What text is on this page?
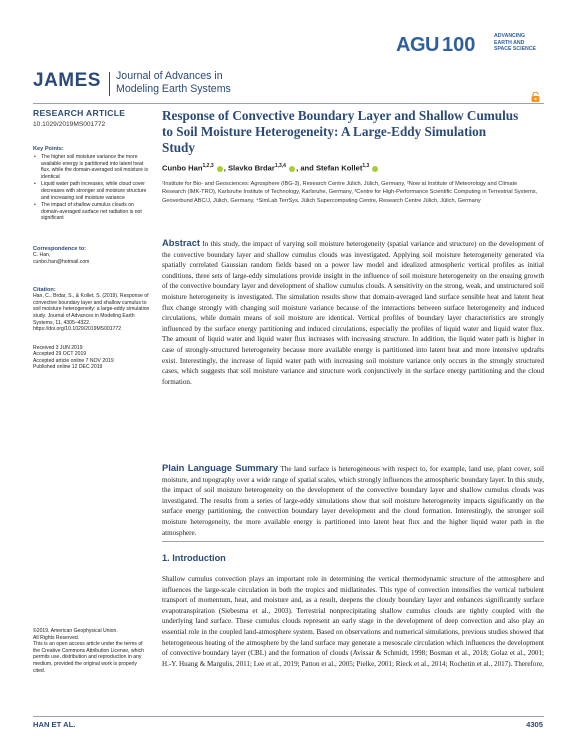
AGU 100	ADVANCING
EARTH AND
SPACE SCIENCE
JAMES Journal of Advances in
Modeling Earth Systems
RESEARCH ARTICLE
10.1029/2019MS001772
Key Points:
• The higher soil moisture variance the more available energy is partitioned into latent heat flux, while the domain-averaged soil moisture is identical
• Liquid water path increases, while cloud cover decreases with stronger soil moisture structure and increasing soil moisture variance
• The impact of shallow cumulus clouds on domain-averaged surface net radiation is not significant
Correspondence to:
C. Han,
cunbo.han@hotmail.com
Citation:
Han, C., Brdar, S., & Kollet, S. (2019). Response of convective boundary layer and shallow cumulus to soil moisture heterogeneity: a large-eddy simulation study. Journal of Advances in Modeling Earth Systems, 11, 4305–4322. https://doi.org/10.1029/2019MS001772
Received 3 JUN 2019
Accepted 29 OCT 2019
Accepted article online 7 NOV 2019
Published online 12 DEC 2019
©2019. American Geophysical Union.
All Rights Reserved.
This is an open access article under the terms of the Creative Commons Attribution License, which permits use, distribution and reproduction in any medium, provided the original work is properly cited.
Response of Convective Boundary Layer and Shallow Cumulus to Soil Moisture Heterogeneity: A Large-Eddy Simulation Study
Cunbo Han$^{1,2,3}$ , Slavko Brdar$^{1,3,4}$ , and Stefan Kollet$^{1,3}$
¹Institute for Bio- and Geosciences: Agrosphere (IBG-3), Research Centre Jülich, Jülich, Germany, ²Now at Institute of Meteorology and Climate Research (IMK-TRO), Karlsruhe Institute of Technology, Karlsruhe, Germany, ³Centre for High-Performance Scientific Computing in Terrestrial Systems, Geoverbund ABC/J, Jülich, Germany, ⁴SimLab TerrSys, Jülich Supercomputing Centre, Research Centre Jülich, Jülich, Germany
Abstract In this study, the impact of varying soil moisture heterogeneity (spatial variance and structure) on the development of the convective boundary layer and shallow cumulus clouds was investigated. Applying soil moisture heterogeneity generated via spatially correlated Gaussian random fields based on a power law model and idealized atmospheric vertical profiles as initial conditions, three sets of large-eddy simulations provide insight in the influence of soil moisture heterogeneity on the ensuing growth of the convective boundary layer and development of shallow cumulus clouds. A sensitivity on the strong, weak, and unstructured soil moisture heterogeneity is investigated. The simulation results show that domain-averaged land surface sensible heat and latent heat flux change strongly with changing soil moisture variance because of the interactions between surface heterogeneity and induced circulations, while domain means of soil moisture are identical. Vertical profiles of boundary layer characteristics are strongly influenced by the surface energy partitioning and induced circulations, especially the profiles of liquid water and liquid water flux. The amount of liquid water and liquid water flux increases with increasing structure. In addition, the liquid water path is higher in case of strongly-structured heterogeneity because more available energy is partitioned into latent heat and more intensive updrafts exist. Interestingly, the increase of liquid water path with increasing soil moisture variance only occurs in the strongly structured cases, which suggests that soil moisture variance and structure work conjunctively in the surface energy partitioning and the cloud formation.
Plain Language Summary The land surface is heterogeneous with respect to, for example, land use, plant cover, soil moisture, and topography over a wide range of spatial scales, which strongly influences the atmospheric boundary layer. In this study, the impact of soil moisture heterogeneity on the development of the convective boundary layer and shallow cumulus clouds was investigated. The results from a series of large-eddy simulations show that soil moisture heterogeneity impacts significantly on the surface energy partitioning, the convection boundary layer development and the cloud formation. Interestingly, the stronger soil moisture heterogeneity, the more available energy is partitioned into latent heat flux and the higher liquid water path in the atmosphere.
1. Introduction
Shallow cumulus convection plays an important role in determining the vertical thermodynamic structure of the atmosphere and influences the large-scale circulation in both the tropics and midlatitudes. This type of convection intensifies the vertical turbulent transport of momentum, heat, and moisture and, as a result, deepens the cloudy boundary layer and enhances significantly surface evapotranspiration (Siebesma et al., 2003). Terrestrial nonprecipitating shallow cumulus clouds are tightly coupled with the underlying land surface. These cumulus clouds represent an early stage in the development of deep convection and also play an essential role in the coupled land-atmosphere system. Based on observations and numerical simulations, previous studies showed that heterogeneous heating of the atmosphere by the land surface may generate a mesoscale circulation which influences the development of convective boundary layer (CBL) and the formation of clouds (Avissar & Schmidt, 1998; Bosman et al., 2018; Golaz et al., 2001; H.-Y. Huang & Margulis, 2011; Lee et al., 2019; Patton et al., 2005; Pielke, 2001; Rieck et al., 2014; Rochetin et al., 2017). Therefore,
HAN ET AL.	4305
